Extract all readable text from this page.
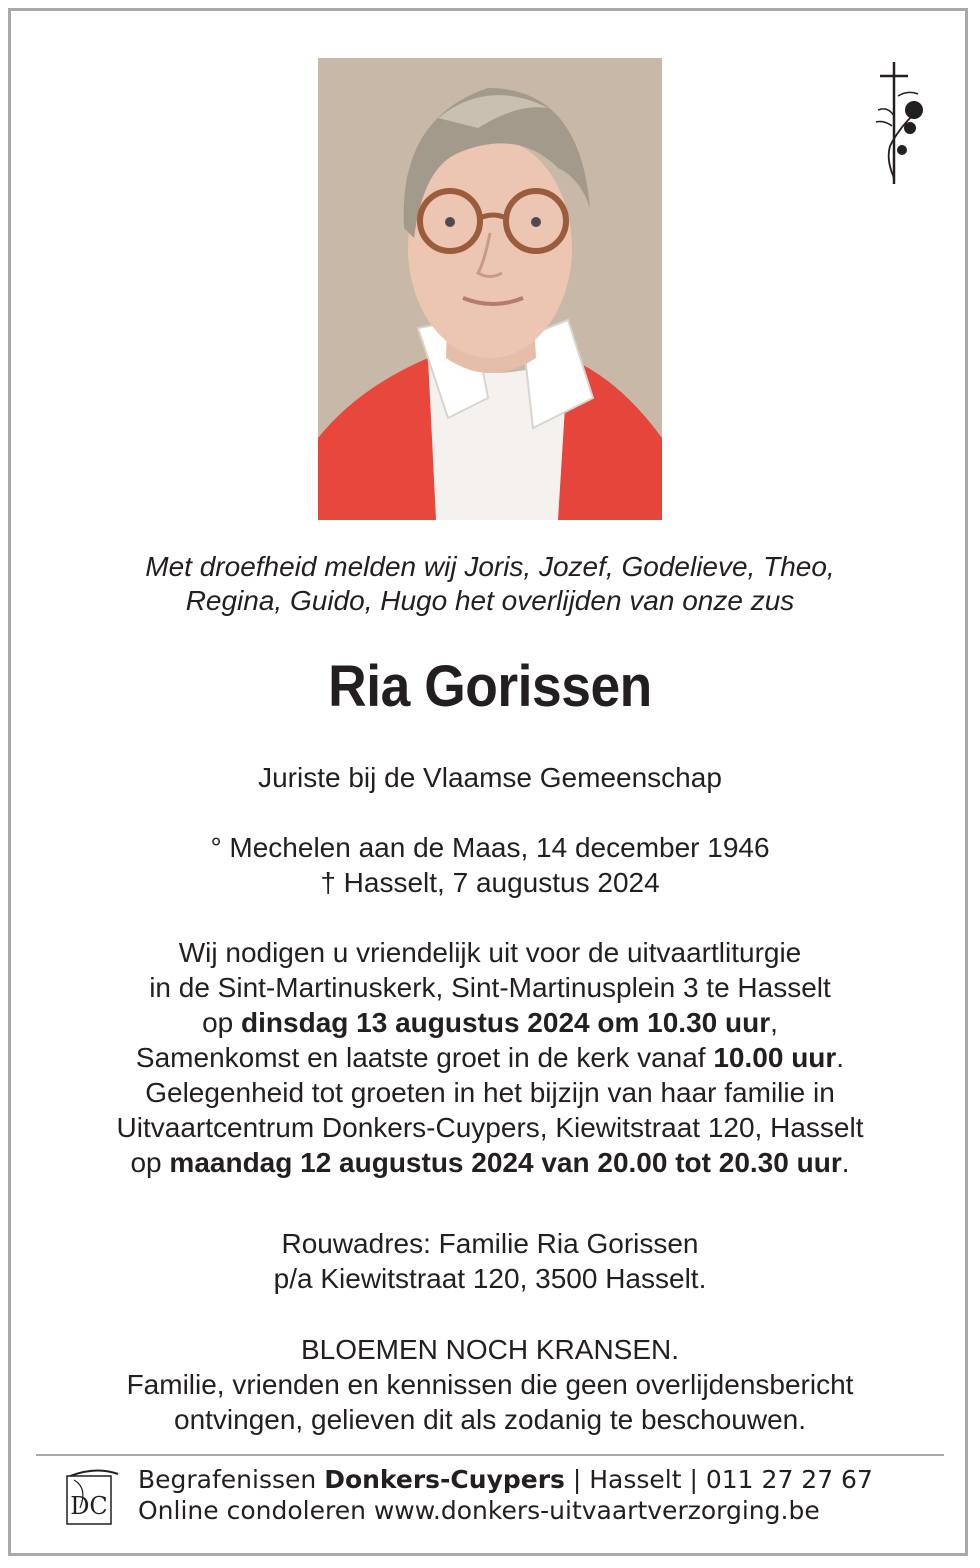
Met droefheid melden wij Joris, Jozef, Godelieve, Theo,
Regina, Guido, Hugo het overlijden van onze zus
Ria Gorissen

Juriste bij de Vlaamse Gemeenschap

° Mechelen aan de Maas, 14 december 1946

† Hasselt, 7 augustus 2024

Wij nodigen u vriendelijk uit voor de uitvaartliturgie

in de Sint-Martinuskerk, Sint-Martinusplein 3 te Hasselt

op dinsdag 13 augustus 2024 om 10.30 uur,

Samenkomst en laatste groet in de kerk vanaf 10.00 uur.

Gelegenheid tot groeten in het bijzijn van haar familie in

Uitvaartcentrum Donkers-Cuypers, Kiewitstraat 120, Hasselt

op maandag 12 augustus 2024 van 20.00 tot 20.30 uur.

Rouwadres: Familie Ria Gorissen

p/a Kiewitstraat 120, 3500 Hasselt.

BLOEMEN NOCH KRANSEN.

Familie, vrienden en kennissen die geen overlijdensbericht

ontvingen, gelieven dit als zodanig te beschouwen.

DC

Begrafenissen Donkers-Cuypers | Hasselt | 011 27 27 67

Online condoleren www.donkers-uitvaartverzorging.be
